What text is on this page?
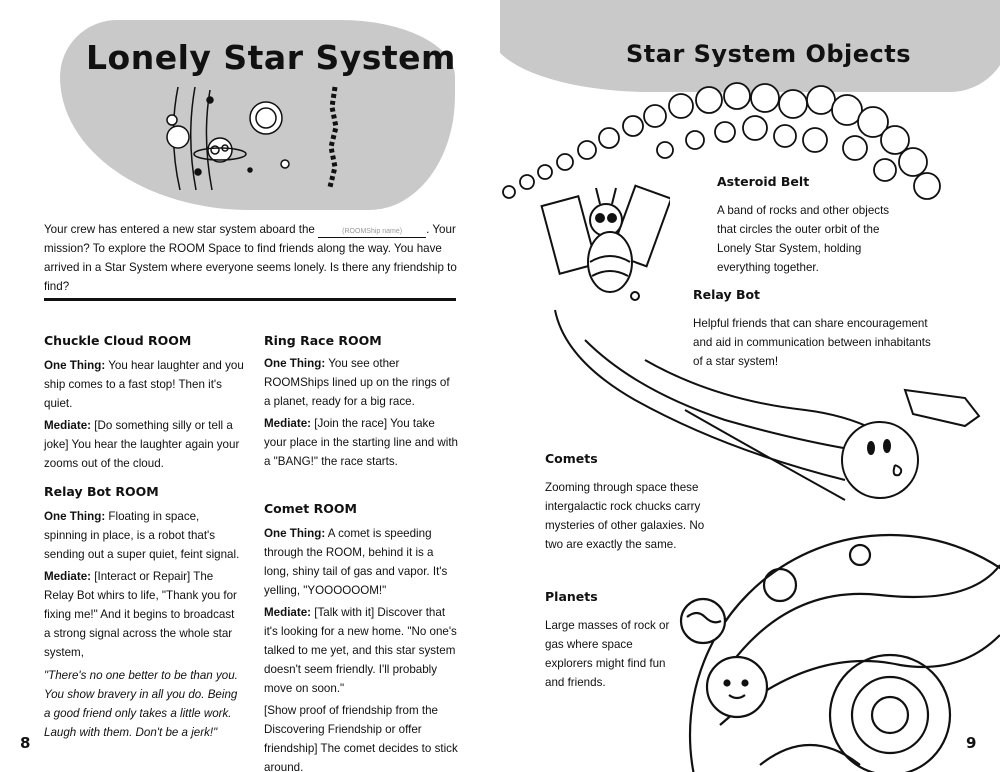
Lonely Star System
Your crew has entered a new star system aboard the	(ROOMShip name) . Your mission? To explore the ROOM Space to find friends along the way. You have arrived in a Star System where everyone seems lonely. Is there any friendship to find?
Chuckle Cloud ROOM

One Thing: You hear laughter and you ship comes to a fast stop! Then it's quiet.

Mediate: [Do something silly or tell a joke] You hear the laughter again your zooms out of the cloud.

Relay Bot ROOM

One Thing: Floating in space, spinning in place, is a robot that's sending out a super quiet, feint signal.

Mediate: [Interact or Repair] The Relay Bot whirs to life, "Thank you for fixing me!" And it begins to broadcast a strong signal across the whole star system,

"There's no one better to be than you. You show bravery in all you do. Being a good friend only takes a little work. Laugh with them. Don't be a jerk!"

Ring Race ROOM

One Thing: You see other ROOMShips lined up on the rings of a planet, ready for a big race.

Mediate: [Join the race] You take your place in the starting line and with a "BANG!" the race starts.

Comet ROOM

One Thing: A comet is speeding through the ROOM, behind it is a long, shiny tail of gas and vapor. It's yelling, "YOOOOOOM!"

Mediate: [Talk with it] Discover that it's looking for a new home. "No one's talked to me yet, and this star system doesn't seem friendly. I'll probably move on soon."

[Show proof of friendship from the Discovering Friendship or offer friendship] The comet decides to stick around.

8
Star System Objects
Asteroid Belt
A band of rocks and other objects that circles the outer orbit of the Lonely Star System, holding everything together.
Relay Bot
Helpful friends that can share encouragement and aid in communication between inhabitants of a star system!
Comets
Zooming through space these intergalactic rock chucks carry mysteries of other galaxies. No two are exactly the same.
Planets
Large masses of rock or gas where space explorers might find fun and friends.
9
